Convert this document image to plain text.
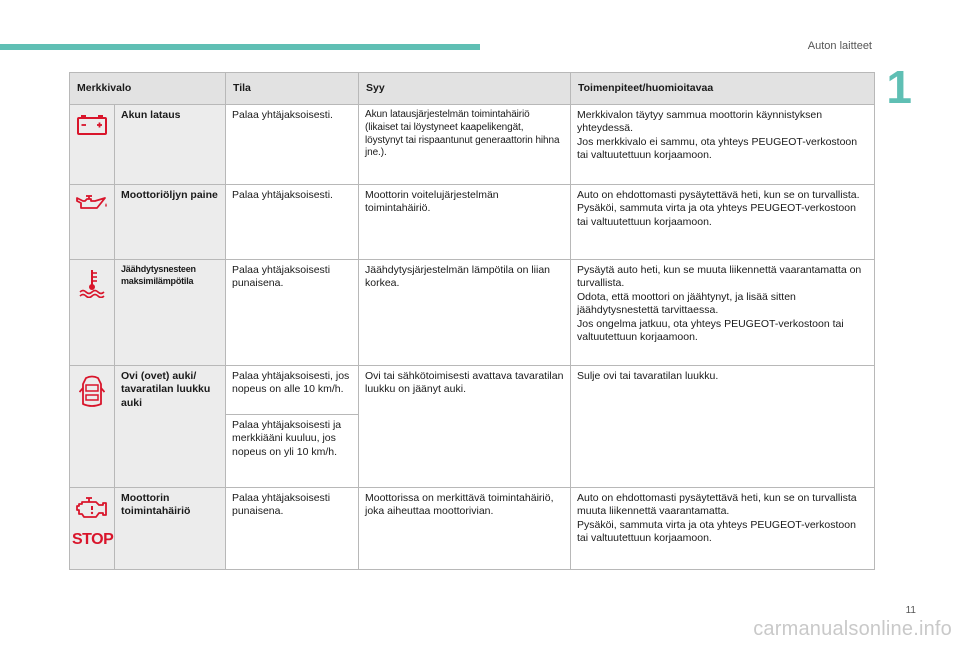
Auton laitteet
1
Merkkivalo		Tila	Syy	Toimenpiteet/huomioitavaa

	Akun lataus	Palaa yhtäjaksoisesti.	Akun latausjärjestelmän toimintahäiriö (likaiset tai löystyneet kaapelikengät, löystynyt tai rispaantunut generaattorin hihna jne.).	Merkkivalon täytyy sammua moottorin käynnistyksen yhteydessä.
Jos merkkivalo ei sammu, ota yhteys PEUGEOT-verkostoon tai valtuutettuun korjaamoon.

	Moottoriöljyn paine	Palaa yhtäjaksoisesti.	Moottorin voitelujärjestelmän toimintahäiriö.	Auto on ehdottomasti pysäytettävä heti, kun se on turvallista.
Pysäköi, sammuta virta ja ota yhteys PEUGEOT-verkostoon tai valtuutettuun korjaamoon.

	Jäähdytysnesteen maksimilämpötila	Palaa yhtäjaksoisesti punaisena.	Jäähdytysjärjestelmän lämpötila on liian korkea.	Pysäytä auto heti, kun se muuta liikennettä vaarantamatta on turvallista.
Odota, että moottori on jäähtynyt, ja lisää sitten jäähdytysnestettä tarvittaessa.
Jos ongelma jatkuu, ota yhteys PEUGEOT-verkostoon tai valtuutettuun korjaamoon.

	Ovi (ovet) auki/ tavaratilan luukku auki	Palaa yhtäjaksoisesti, jos nopeus on alle 10 km/h.	Ovi tai sähkötoimisesti avattava tavaratilan luukku on jäänyt auki.	Sulje ovi tai tavaratilan luukku.
		Palaa yhtäjaksoisesti ja merkkiääni kuuluu, jos nopeus on yli 10 km/h.		

STOP	Moottorin toimintahäiriö	Palaa yhtäjaksoisesti punaisena.	Moottorissa on merkittävä toimintahäiriö, joka aiheuttaa moottorivian.	Auto on ehdottomasti pysäytettävä heti, kun se on turvallista muuta liikennettä vaarantamatta.
Pysäköi, sammuta virta ja ota yhteys PEUGEOT-verkostoon tai valtuutettuun korjaamoon.
11
carmanualsonline.info
